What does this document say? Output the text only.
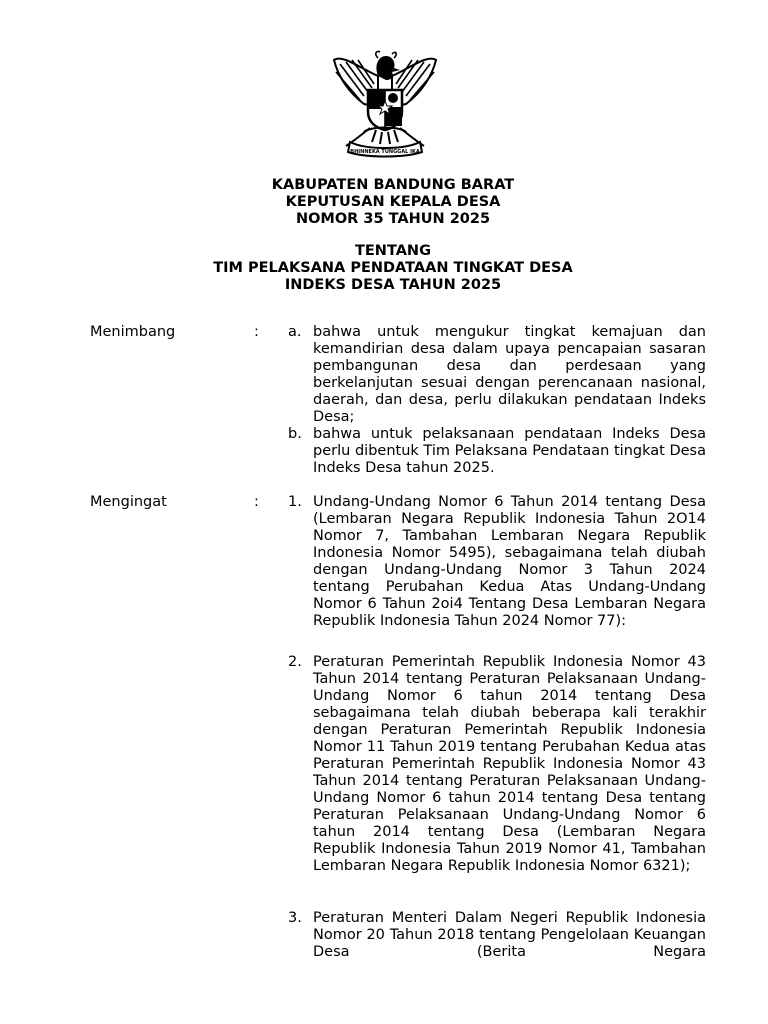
BHINNEKA TUNGGAL IKA
KABUPATEN BANDUNG BARAT
KEPUTUSAN KEPALA DESA
NOMOR 35 TAHUN 2025
TENTANG
TIM PELAKSANA PENDATAAN TINGKAT DESA
INDEKS DESA TAHUN 2025
Menimbang	: a. bahwa untuk mengukur tingkat kemajuan dan kemandirian desa dalam upaya pencapaian sasaran pembangunan desa dan perdesaan yang berkelanjutan sesuai dengan perencanaan nasional, daerah, dan desa, perlu dilakukan pendataan Indeks Desa;
b. bahwa untuk pelaksanaan pendataan Indeks Desa perlu dibentuk Tim Pelaksana Pendataan tingkat Desa Indeks Desa tahun 2025.
Mengingat	: 1. Undang-Undang Nomor 6 Tahun 2014 tentang Desa (Lembaran Negara Republik Indonesia Tahun 2O14 Nomor 7, Tambahan Lembaran Negara Republik Indonesia Nomor 5495), sebagaimana telah diubah dengan Undang-Undang Nomor 3 Tahun 2024 tentang Perubahan Kedua Atas Undang-Undang Nomor 6 Tahun 2oi4 Tentang Desa Lembaran Negara Republik Indonesia Tahun 2024 Nomor 77):
2. Peraturan Pemerintah Republik Indonesia Nomor 43 Tahun 2014 tentang Peraturan Pelaksanaan Undang-Undang Nomor 6 tahun 2014 tentang Desa sebagaimana telah diubah beberapa kali terakhir dengan Peraturan Pemerintah Republik Indonesia Nomor 11 Tahun 2019 tentang Perubahan Kedua atas Peraturan Pemerintah Republik Indonesia Nomor 43 Tahun 2014 tentang Peraturan Pelaksanaan Undang-Undang Nomor 6 tahun 2014 tentang Desa tentang Peraturan Pelaksanaan Undang-Undang Nomor 6 tahun 2014 tentang Desa (Lembaran Negara Republik Indonesia Tahun 2019 Nomor 41, Tambahan Lembaran Negara Republik Indonesia Nomor 6321);
3. Peraturan Menteri Dalam Negeri Republik Indonesia Nomor 20 Tahun 2018 tentang Pengelolaan Keuangan Desa (Berita Negara
